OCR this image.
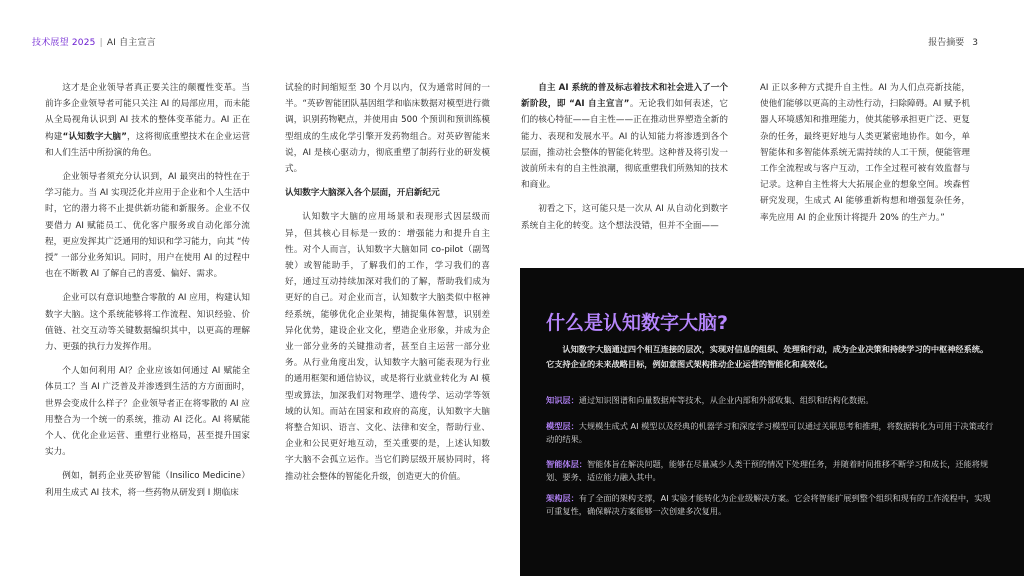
技术展望 2025 | AI 自主宣言	报告摘要 3

这才是企业领导者真正要关注的颠覆性变革。当前许多企业领导者可能只关注 AI 的局部应用，而未能从全局视角认识到 AI 技术的整体变革能力。AI 正在构建“认知数字大脑”，这将彻底重塑技术在企业运营和人们生活中所扮演的角色。

企业领导者须充分认识到，AI 最突出的特性在于学习能力。当 AI 实现泛化并应用于企业和个人生活中时，它的潜力将不止提供新功能和新服务。企业不仅要借力 AI 赋能员工、优化客户服务或自动化部分流程，更应发挥其广泛通用的知识和学习能力，向其 “传授” 一部分业务知识。同时，用户在使用 AI 的过程中也在不断教 AI 了解自己的喜爱、偏好、需求。

企业可以有意识地整合零散的 AI 应用，构建认知数字大脑。这个系统能够将工作流程、知识经验、价值链、社交互动等关键数据编织其中，以更高的理解力、更强的执行力发挥作用。

个人如何利用 AI？企业应该如何通过 AI 赋能全体员工？当 AI 广泛普及并渗透到生活的方方面面时，世界会变成什么样子？企业领导者正在将零散的 AI 应用整合为一个统一的系统，推动 AI 泛化。AI 将赋能个人、优化企业运营、重塑行业格局，甚至提升国家实力。

例如，制药企业英矽智能（Insilico Medicine）利用生成式 AI 技术，将一些药物从研发到 I 期临床

试验的时间缩短至 30 个月以内，仅为通常时间的一半。“英矽智能团队基因组学和临床数据对模型进行微调，识别药物靶点，并使用由 500 个预训和预训练模型组成的生成化学引擎开发药物组合。对英矽智能来说，AI 是核心驱动力，彻底重塑了制药行业的研发模式。

认知数字大脑深入各个层面，开启新纪元

认知数字大脑的应用场景和表现形式因层级而异，但其核心目标是一致的：增强能力和提升自主性。对个人而言，认知数字大脑如同 co-pilot（副驾驶）或智能助手，了解我们的工作，学习我们的喜好，通过互动持续加深对我们的了解，帮助我们成为更好的自己。对企业而言，认知数字大脑类似中枢神经系统，能够优化企业架构，捕捉集体智慧，识别差异化优势，建设企业文化，塑造企业形象，并成为企业一部分业务的关键推动者，甚至自主运营一部分业务。从行业角度出发，认知数字大脑可能表现为行业的通用框架和通信协议，或是将行业就业转化为 AI 模型或算法，加深我们对物理学、遗传学、运动学等领域的认知。而站在国家和政府的高度，认知数字大脑将整合知识、语言、文化、法律和安全，帮助行业、企业和公民更好地互动，至关重要的是，上述认知数字大脑不会孤立运作。当它们跨层级开展协同时，将推动社会整体的智能化升级，创造更大的价值。

自主 AI 系统的普及标志着技术和社会进入了一个新阶段，即 “AI 自主宣言”。无论我们如何表述，它们的核心特征——自主性——正在推动世界塑造全新的能力、表现和发展水平。AI 的认知能力将渗透到各个层面，推动社会整体的智能化转型。这种普及将引发一波前所未有的自主性浪潮，彻底重塑我们所熟知的技术和商业。

初看之下，这可能只是一次从 AI 从自动化到数字系统自主化的转变。这个想法没错，但并不全面——

AI 正以多种方式提升自主性。AI 为人们点亮新技能，使他们能够以更高的主动性行动，扫除障碍。AI 赋予机器人环境感知和推理能力，使其能够承担更广泛、更复杂的任务，最终更好地与人类更紧密地协作。如今，单智能体和多智能体系统无需持续的人工干预，便能管理工作全流程或与客户互动，工作全过程可被有效监督与记录。这种自主性将大大拓展企业的想象空间。埃森哲研究发现，生成式 AI 能够重新构想和增强复杂任务，率先应用 AI 的企业预计将提升 20% 的生产力。”

什么是认知数字大脑?
认知数字大脑通过四个相互连接的层次，实现对信息的组织、处理和行动，成为企业决策和持续学习的中枢神经系统。它支持企业的未来战略目标，例如意图式架构推动企业运营的智能化和高效化。
知识层：通过知识图谱和向量数据库等技术，从企业内部和外部收集、组织和结构化数据。
模型层：大规模生成式 AI 模型以及经典的机器学习和深度学习模型可以通过关联思考和推理，将数据转化为可用于决策或行动的结果。
智能体层：智能体旨在解决问题，能够在尽量减少人类干预的情况下处理任务，并随着时间推移不断学习和成长，还能将规划、要务、适应能力融入其中。
架构层：有了全面的架构支撑，AI 实验才能转化为企业级解决方案。它会将智能扩展到整个组织和现有的工作流程中，实现可重复性，确保解决方案能够一次创建多次复用。
